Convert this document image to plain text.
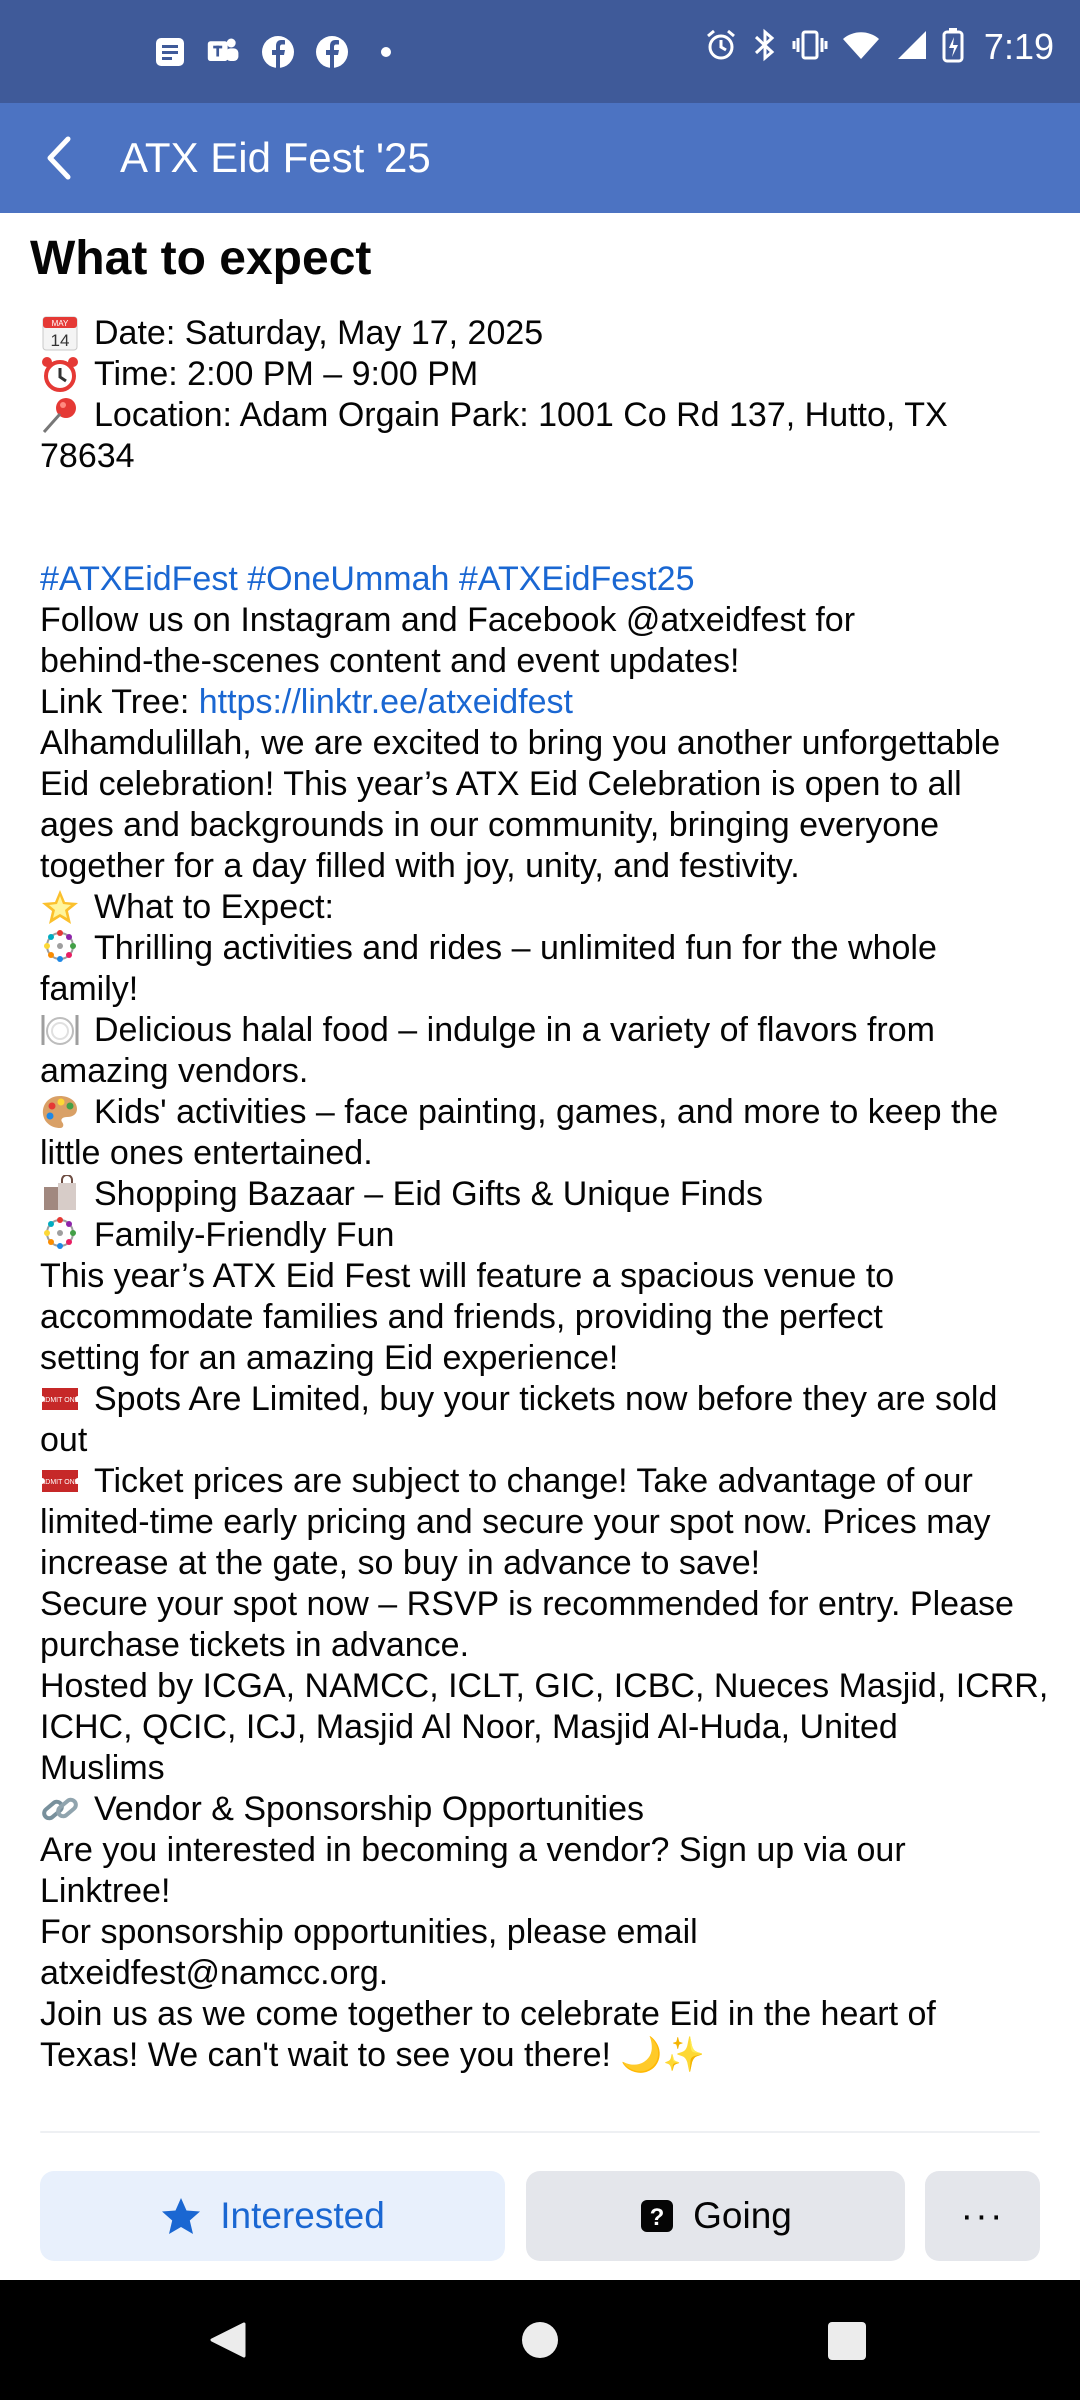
7:19
ATX Eid Fest '25
What to expect
MAY
14 Date: Saturday, May 17, 2025
Time: 2:00 PM – 9:00 PM
Location: Adam Orgain Park: 1001 Co Rd 137, Hutto, TX
78634
#ATXEidFest #OneUmmah #ATXEidFest25
Follow us on Instagram and Facebook @atxeidfest for
behind-the-scenes content and event updates!
Link Tree: https://linktr.ee/atxeidfest
Alhamdulillah, we are excited to bring you another unforgettable
Eid celebration! This year’s ATX Eid Celebration is open to all
ages and backgrounds in our community, bringing everyone
together for a day filled with joy, unity, and festivity.
What to Expect:
Thrilling activities and rides – unlimited fun for the whole
family!
Delicious halal food – indulge in a variety of flavors from
amazing vendors.
Kids' activities – face painting, games, and more to keep the
little ones entertained.
Shopping Bazaar – Eid Gifts & Unique Finds
Family-Friendly Fun
This year’s ATX Eid Fest will feature a spacious venue to
accommodate families and friends, providing the perfect
setting for an amazing Eid experience!
ADMIT ONE Spots Are Limited, buy your tickets now before they are sold
out
ADMIT ONE Ticket prices are subject to change! Take advantage of our
limited-time early pricing and secure your spot now. Prices may
increase at the gate, so buy in advance to save!
Secure your spot now – RSVP is recommended for entry. Please
purchase tickets in advance.
Hosted by ICGA, NAMCC, ICLT, GIC, ICBC, Nueces Masjid, ICRR,
ICHC, QCIC, ICJ, Masjid Al Noor, Masjid Al-Huda, United
Muslims
Vendor & Sponsorship Opportunities
Are you interested in becoming a vendor? Sign up via our
Linktree!
For sponsorship opportunities, please email
atxeidfest@namcc.org.
Join us as we come together to celebrate Eid in the heart of
Texas! We can't wait to see you there! 🌙✨
Interested	? Going	···
